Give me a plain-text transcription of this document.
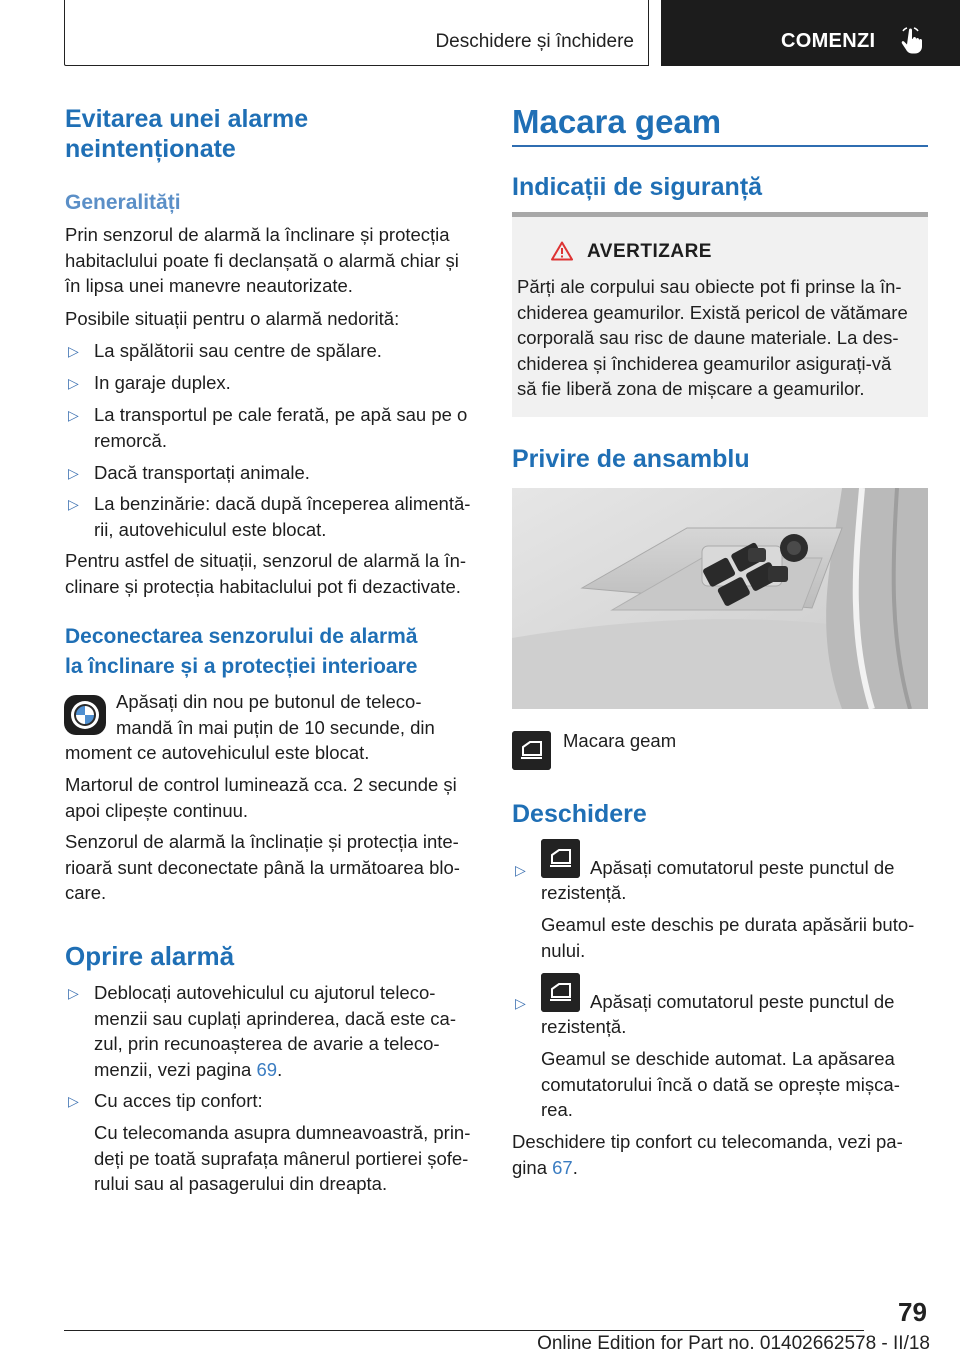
Deschidere și închidere	COMENZI
Evitarea unei alarme
neintenționate
Generalități
Prin senzorul de alarmă la înclinare și protecția
habitaclului poate fi declanșată o alarmă chiar și
în lipsa unei manevre neautorizate.
Posibile situații pentru o alarmă nedorită:
▷ La spălătorii sau centre de spălare.
▷ In garaje duplex.
▷ La transportul pe cale ferată, pe apă sau pe o
remorcă.
▷ Dacă transportați animale.
▷ La benzinărie: dacă după începerea alimentă-
rii, autovehiculul este blocat.
Pentru astfel de situații, senzorul de alarmă la în-
clinare și protecția habitaclului pot fi dezactivate.
Deconectarea senzorului de alarmă
la înclinare și a protecției interioare
Apăsați din nou pe butonul de teleco-
mandă în mai puțin de 10 secunde, din
moment ce autovehiculul este blocat.
Martorul de control luminează cca. 2 secunde și
apoi clipește continuu.
Senzorul de alarmă la înclinație și protecția inte-
rioară sunt deconectate până la următoarea blo-
care.
Oprire alarmă
▷ Deblocați autovehiculul cu ajutorul teleco-
menzii sau cuplați aprinderea, dacă este ca-
zul, prin recunoașterea de avarie a teleco-
menzii, vezi pagina 69.
▷ Cu acces tip confort:
Cu telecomanda asupra dumneavoastră, prin-
deți pe toată suprafața mânerul portierei șofe-
rului sau al pasagerului din dreapta.
Macara geam
Indicații de siguranță
AVERTIZARE
Părți ale corpului sau obiecte pot fi prinse la în-
chiderea geamurilor. Există pericol de vătămare
corporală sau risc de daune materiale. La des-
chiderea și închiderea geamurilor asigurați-vă
să fie liberă zona de mișcare a geamurilor.
Privire de ansamblu
Macara geam
Deschidere
▷	Apăsați comutatorul peste punctul de
rezistență.
Geamul este deschis pe durata apăsării buto-
nului.
▷	Apăsați comutatorul peste punctul de
rezistență.
Geamul se deschide automat. La apăsarea
comutatorului încă o dată se oprește mișca-
rea.
Deschidere tip confort cu telecomanda, vezi pa-
gina 67.
79
Online Edition for Part no. 01402662578 - II/18
